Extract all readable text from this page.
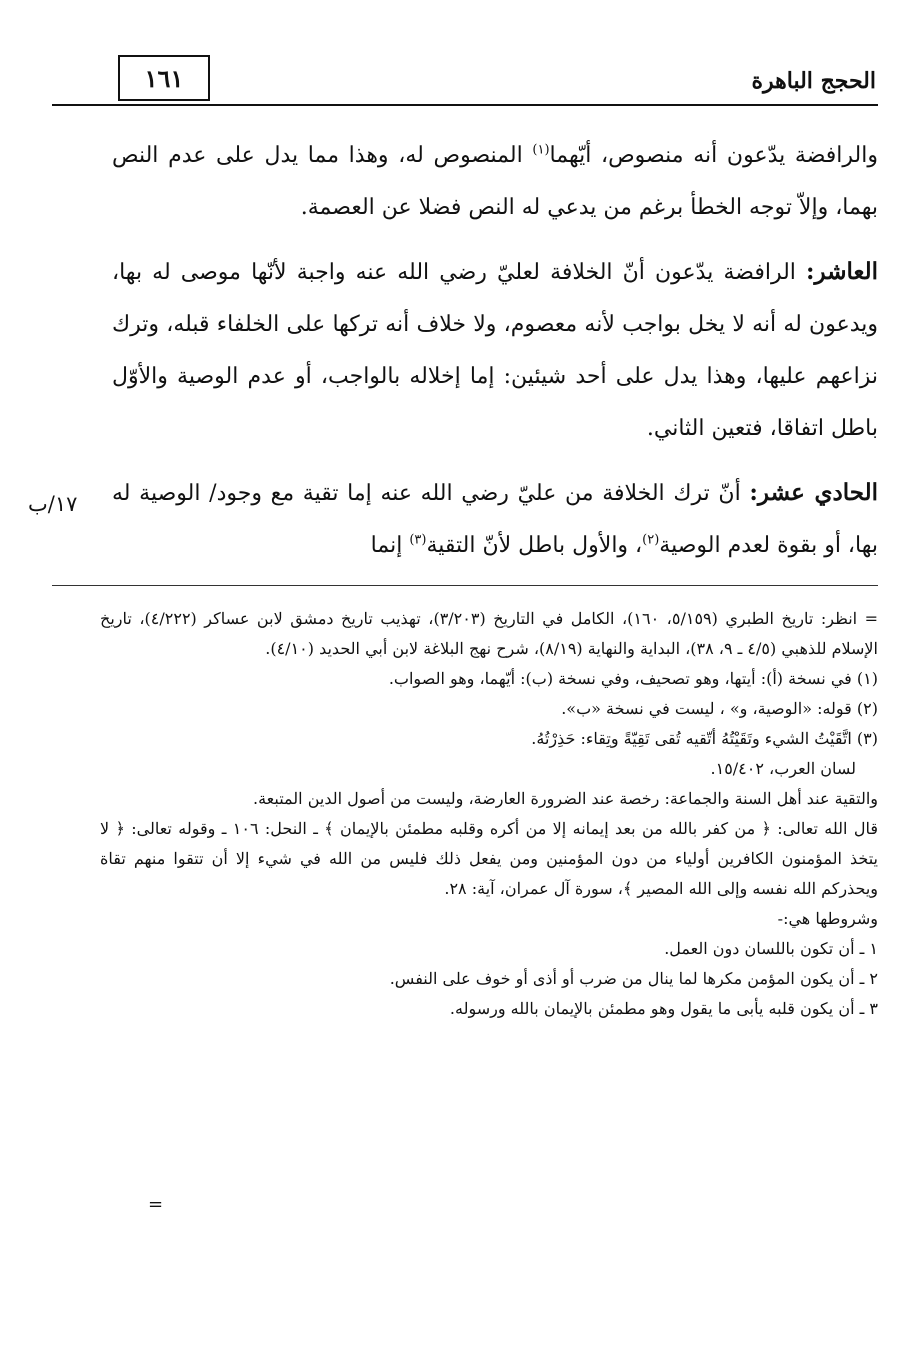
الحجج الباهرة
١٦١
١٧/ب

والرافضة يدّعون أنه منصوص، أيّهما$^{(١)}$ المنصوص له، وهذا مما يدل على عدم النص بهما، وإلاّ توجه الخطأ برغم من يدعي له النص فضلا عن العصمة.

العاشر: الرافضة يدّعون أنّ الخلافة لعليّ رضي الله عنه واجبة لأنّها موصى له بها، ويدعون له أنه لا يخل بواجب لأنه معصوم، ولا خلاف أنه تركها على الخلفاء قبله، وترك نزاعهم عليها، وهذا يدل على أحد شيئين: إما إخلاله بالواجب، أو عدم الوصية والأوّل باطل اتفاقا، فتعين الثاني.

الحادي عشر: أنّ ترك الخلافة من عليّ رضي الله عنه إما تقية مع وجود/ الوصية له بها، أو بقوة لعدم الوصية$^{(٢)}$، والأول باطل لأنّ التقية$^{(٣)}$ إنما

= انظر: تاريخ الطبري (٥/١٥٩، ١٦٠)، الكامل في التاريخ (٣/٢٠٣)، تهذيب تاريخ دمشق لابن عساكر (٤/٢٢٢)، تاريخ الإسلام للذهبي (٤/٥ ـ ٩، ٣٨)، البداية والنهاية (٨/١٩)، شرح نهج البلاغة لابن أبي الحديد (٤/١٠).

(١) في نسخة (أ): أيتها، وهو تصحيف، وفي نسخة (ب): أيّهما، وهو الصواب.

(٢) قوله: «الوصية، و» ، ليست في نسخة «ب».

(٣) اتَّقَيْتُ الشيء وتَقَيْتُهُ أتّقيه تُقى تَقِيّةً وتِقاء: حَذِرْتُهُ.

لسان العرب، ١٥/٤٠٢.

والتقية عند أهل السنة والجماعة: رخصة عند الضرورة العارضة، وليست من أصول الدين المتبعة.

قال الله تعالى: ﴿ من كفر بالله من بعد إيمانه إلا من أكره وقلبه مطمئن بالإيمان ﴾ ـ النحل: ١٠٦ ـ وقوله تعالى: ﴿ لا يتخذ المؤمنون الكافرين أولياء من دون المؤمنين ومن يفعل ذلك فليس من الله في شيء إلا أن تتقوا منهم تقاة ويحذركم الله نفسه وإلى الله المصير ﴾، سورة آل عمران، آية: ٢٨.

وشروطها هي:-

١ ـ أن تكون باللسان دون العمل.

٢ ـ أن يكون المؤمن مكرها لما ينال من ضرب أو أذى أو خوف على النفس.

٣ ـ أن يكون قلبه يأبى ما يقول وهو مطمئن بالإيمان بالله ورسوله.

=
